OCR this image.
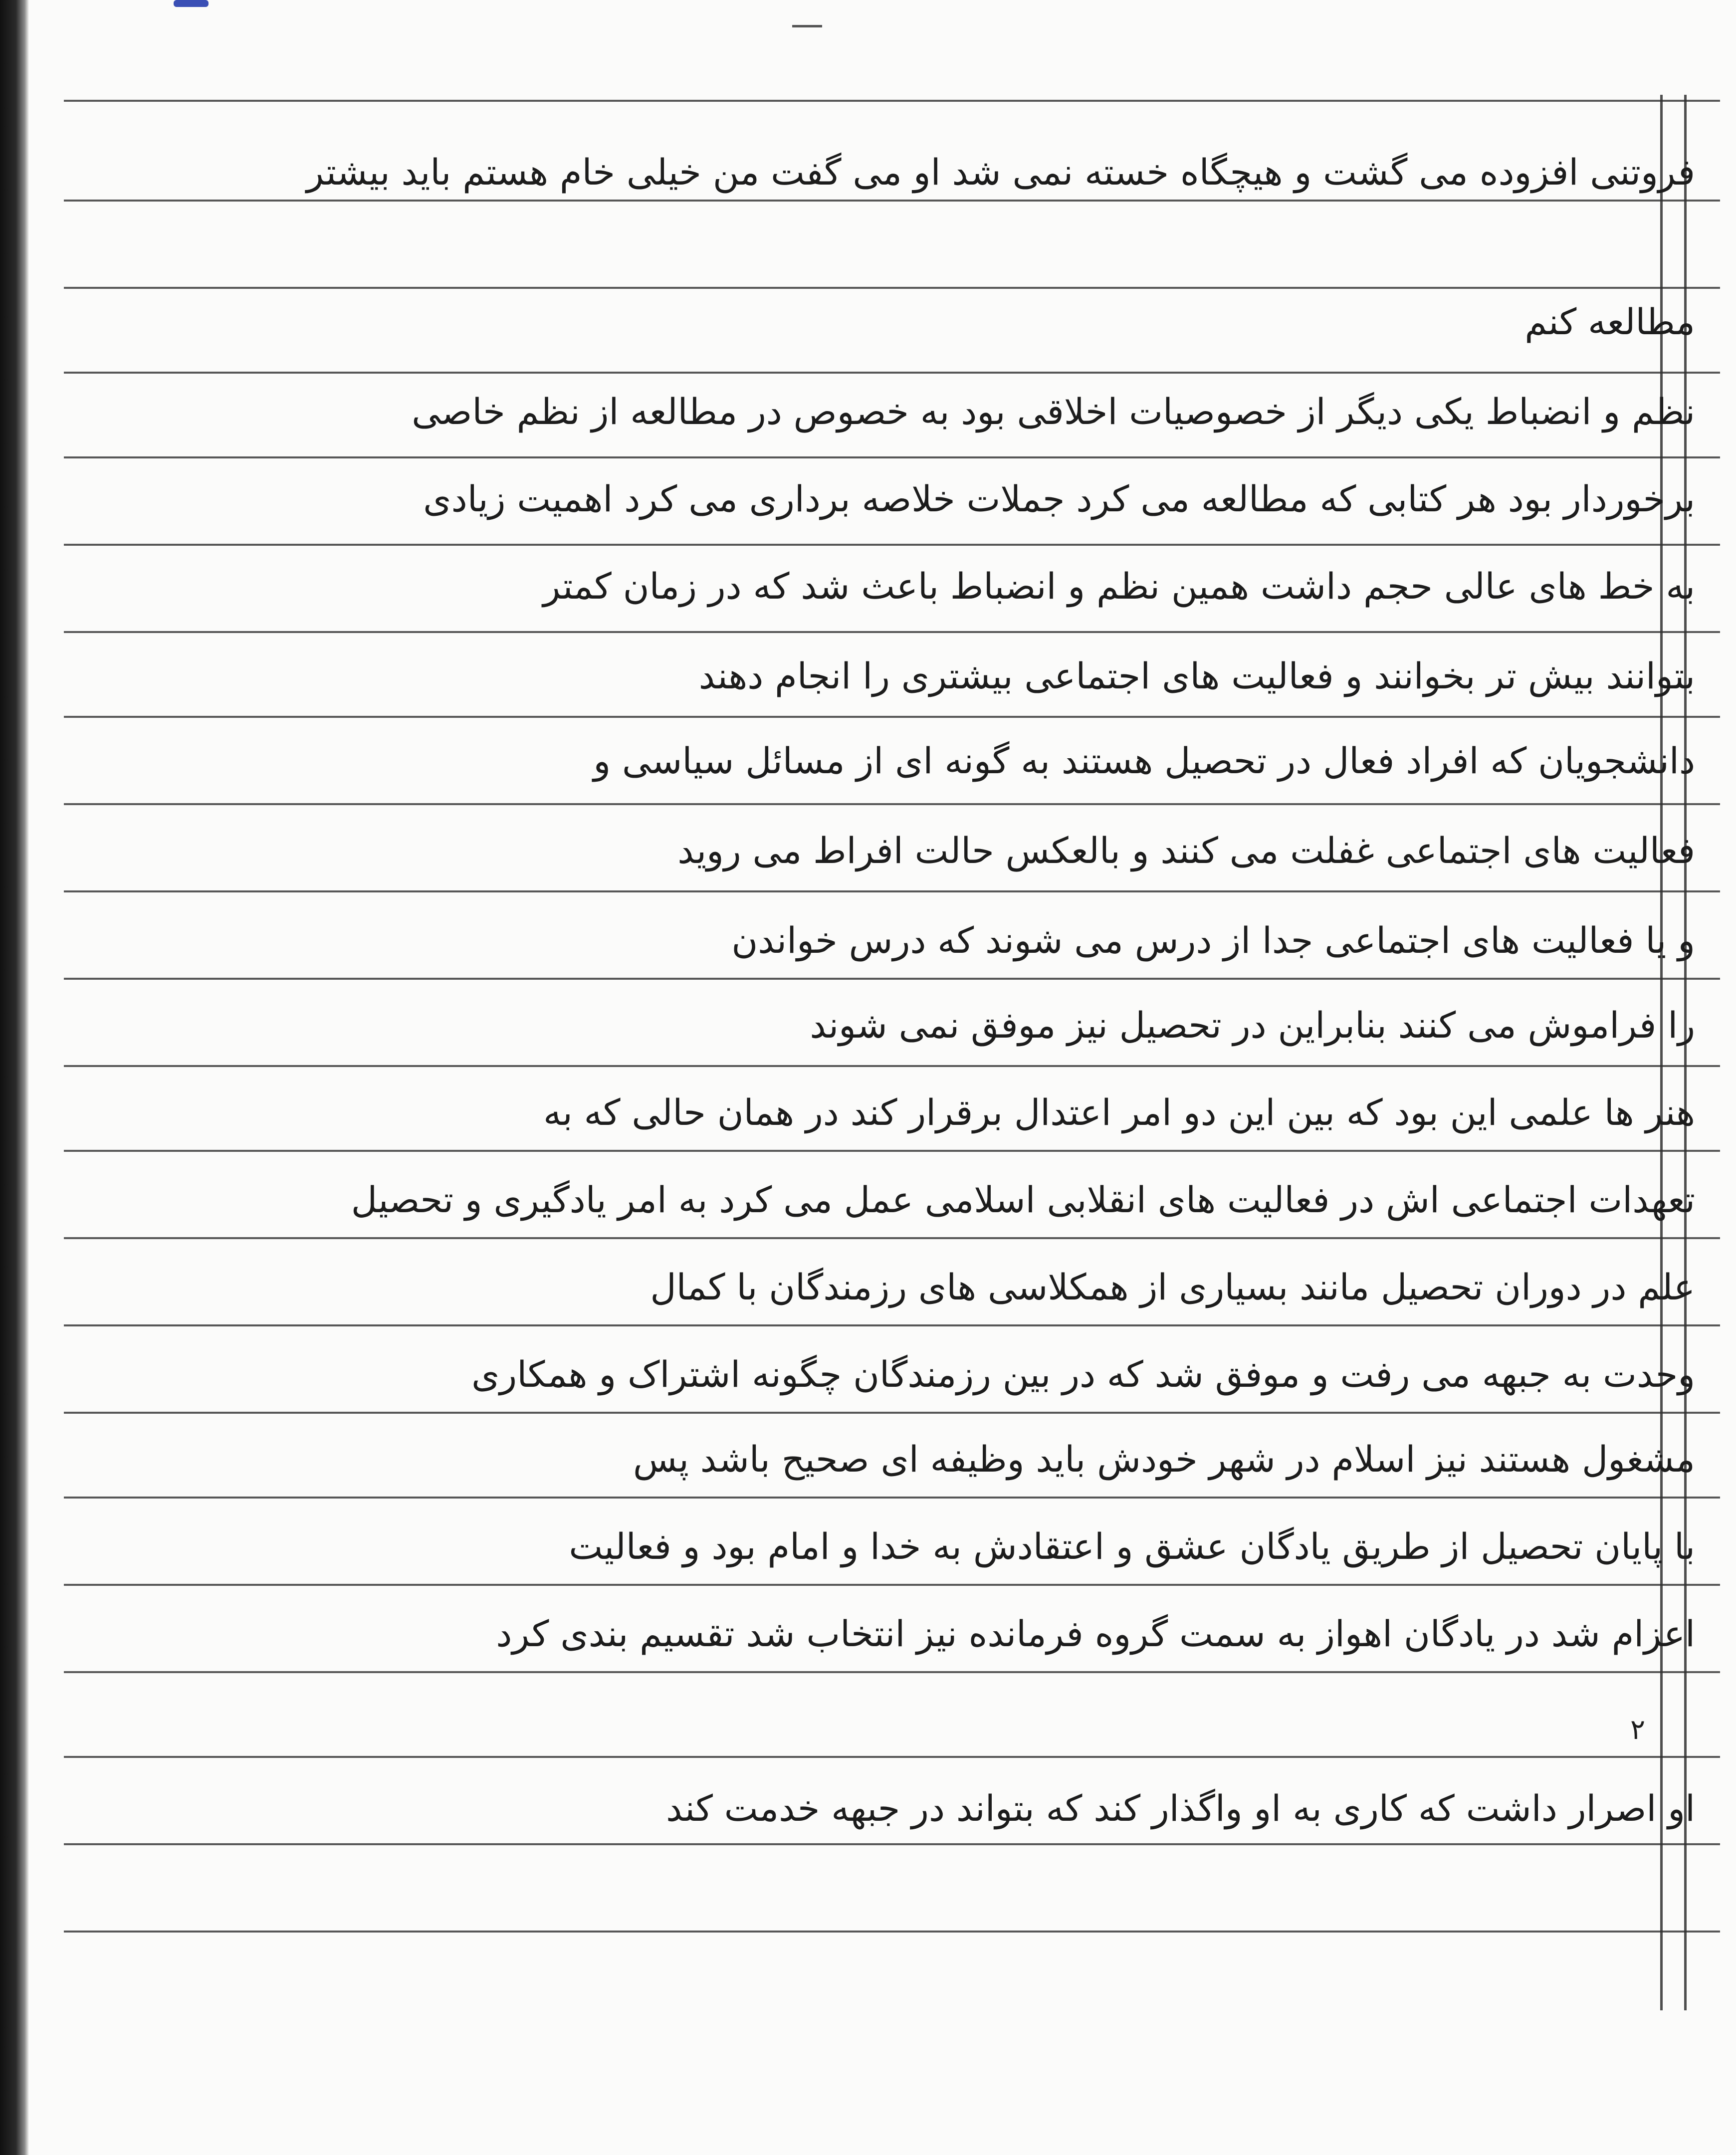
فروتنی افزوده می گشت و هیچگاه خسته نمی شد او می گفت من خیلی خام هستم باید بیشتر
مطالعه کنم
نظم و انضباط یکی دیگر از خصوصیات اخلاقی بود به خصوص در مطالعه از نظم خاصی
برخوردار بود هر کتابی که مطالعه می کرد جملات خلاصه برداری می کرد اهمیت زیادی
به خط های عالی حجم داشت همین نظم و انضباط باعث شد که در زمان کمتر
بتوانند بیش تر بخوانند و فعالیت های اجتماعی بیشتری را انجام دهند
دانشجویان که افراد فعال در تحصیل هستند به گونه ای از مسائل سیاسی و
فعالیت های اجتماعی غفلت می کنند و بالعکس حالت افراط می روید
و یا فعالیت های اجتماعی جدا از درس می شوند که درس خواندن
را فراموش می کنند بنابراین در تحصیل نیز موفق نمی شوند
هنر ها علمی این بود که بین این دو امر اعتدال برقرار کند در همان حالی که به
تعهدات اجتماعی اش در فعالیت های انقلابی اسلامی عمل می کرد به امر یادگیری و تحصیل
علم در دوران تحصیل مانند بسیاری از همکلاسی های رزمندگان با کمال
وحدت به جبهه می رفت و موفق شد که در بین رزمندگان چگونه اشتراک و همکاری
مشغول هستند نیز اسلام در شهر خودش باید وظیفه ای صحیح باشد پس
با پایان تحصیل از طریق یادگان عشق و اعتقادش به خدا و امام بود و فعالیت
اعزام شد در یادگان اهواز به سمت گروه فرمانده نیز انتخاب شد تقسیم بندی کرد
او اصرار داشت که کاری به او واگذار کند که بتواند در جبهه خدمت کند
۲
